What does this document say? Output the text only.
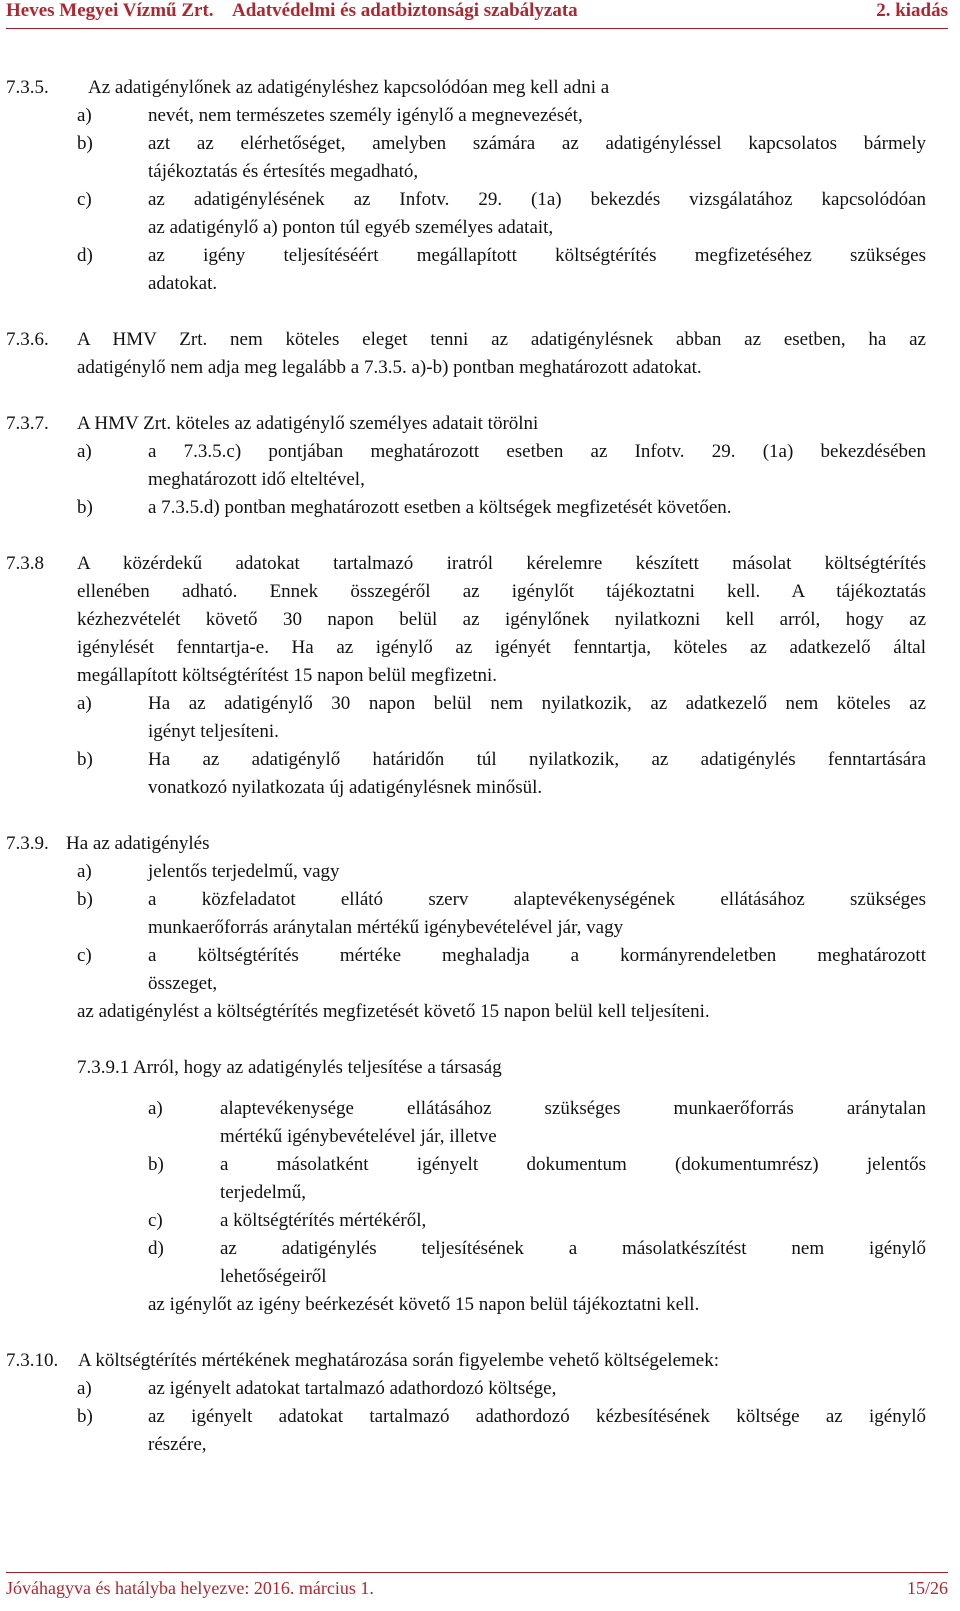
Heves Megyei Vízmű Zrt. Adatvédelmi és adatbiztonsági szabályzata	2. kiadás
7.3.5. Az adatigénylőnek az adatigényléshez kapcsolódóan meg kell adni a
a)	nevét, nem természetes személy igénylő a megnevezését,
b)	azt az elérhetőséget, amelyben számára az adatigényléssel kapcsolatos bármely
tájékoztatás és értesítés megadható,
c)	az adatigénylésének az Infotv. 29. (1a) bekezdés vizsgálatához kapcsolódóan
az adatigénylő a) ponton túl egyéb személyes adatait,
d)	az igény teljesítéséért megállapított költségtérítés megfizetéséhez szükséges
adatokat.
7.3.6. A HMV Zrt. nem köteles eleget tenni az adatigénylésnek abban az esetben, ha az
adatigénylő nem adja meg legalább a 7.3.5. a)-b) pontban meghatározott adatokat.
7.3.7. A HMV Zrt. köteles az adatigénylő személyes adatait törölni
a)	a 7.3.5.c) pontjában meghatározott esetben az Infotv. 29. (1a) bekezdésében
meghatározott idő elteltével,
b)	a 7.3.5.d) pontban meghatározott esetben a költségek megfizetését követően.
7.3.8 A közérdekű adatokat tartalmazó iratról kérelemre készített másolat költségtérítés
ellenében adható. Ennek összegéről az igénylőt tájékoztatni kell. A tájékoztatás
kézhezvételét követő 30 napon belül az igénylőnek nyilatkozni kell arról, hogy az
igénylését fenntartja-e. Ha az igénylő az igényét fenntartja, köteles az adatkezelő által
megállapított költségtérítést 15 napon belül megfizetni.
a)	Ha az adatigénylő 30 napon belül nem nyilatkozik, az adatkezelő nem köteles az
igényt teljesíteni.
b)	Ha az adatigénylő határidőn túl nyilatkozik, az adatigénylés fenntartására
vonatkozó nyilatkozata új adatigénylésnek minősül.
7.3.9. Ha az adatigénylés
a)	jelentős terjedelmű, vagy
b)	a közfeladatot ellátó szerv alaptevékenységének ellátásához szükséges
munkaerőforrás aránytalan mértékű igénybevételével jár, vagy
c)	a költségtérítés mértéke meghaladja a kormányrendeletben meghatározott
összeget,
az adatigénylést a költségtérítés megfizetését követő 15 napon belül kell teljesíteni.
7.3.9.1 Arról, hogy az adatigénylés teljesítése a társaság
a)	alaptevékenysége ellátásához szükséges munkaerőforrás aránytalan
mértékű igénybevételével jár, illetve
b)	a másolatként igényelt dokumentum (dokumentumrész) jelentős
terjedelmű,
c)	a költségtérítés mértékéről,
d)	az adatigénylés teljesítésének a másolatkészítést nem igénylő
lehetőségeiről
az igénylőt az igény beérkezését követő 15 napon belül tájékoztatni kell.
7.3.10. A költségtérítés mértékének meghatározása során figyelembe vehető költségelemek:
a)	az igényelt adatokat tartalmazó adathordozó költsége,
b)	az igényelt adatokat tartalmazó adathordozó kézbesítésének költsége az igénylő
részére,
Jóváhagyva és hatályba helyezve: 2016. március 1.	15/26
